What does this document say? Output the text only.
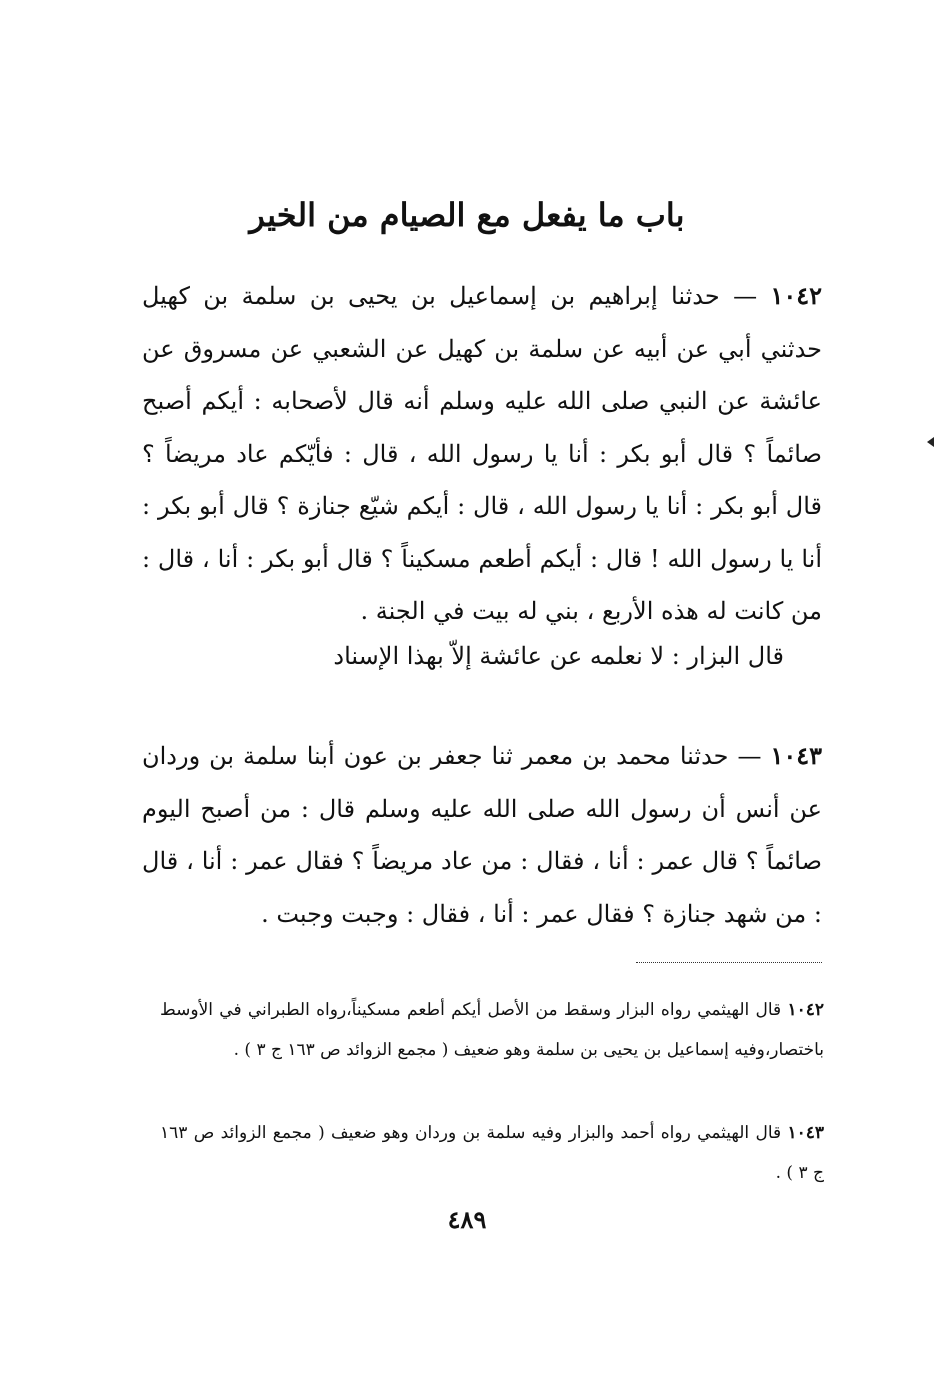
باب ما يفعل مع الصيام من الخير
١٠٤٢ — حدثنا إبراهيم بن إسماعيل بن يحيى بن سلمة بن كهيل حدثني أبي عن أبيه عن سلمة بن كهيل عن الشعبي عن مسروق عن عائشة عن النبي صلى الله عليه وسلم أنه قال لأصحابه : أيكم أصبح صائماً ؟ قال أبو بكر : أنا يا رسول الله ، قال : فأيّكم عاد مريضاً ؟ قال أبو بكر : أنا يا رسول الله ، قال : أيكم شيّع جنازة ؟ قال أبو بكر : أنا يا رسول الله ! قال : أيكم أطعم مسكيناً ؟ قال أبو بكر : أنا ، قال : من كانت له هذه الأربع ، بني له بيت في الجنة .
قال البزار : لا نعلمه عن عائشة إلاّ بهذا الإسناد
١٠٤٣ — حدثنا محمد بن معمر ثنا جعفر بن عون أبنا سلمة بن وردان عن أنس أن رسول الله صلى الله عليه وسلم قال : من أصبح اليوم صائماً ؟ قال عمر : أنا ، فقال : من عاد مريضاً ؟ فقال عمر : أنا ، قال : من شهد جنازة ؟ فقال عمر : أنا ، فقال : وجبت وجبت .
١٠٤٢ قال الهيثمي رواه البزار وسقط من الأصل أيكم أطعم مسكيناً،رواه الطبراني في الأوسط باختصار،وفيه إسماعيل بن يحيى بن سلمة وهو ضعيف ( مجمع الزوائد ص ١٦٣ ج ٣ ) .
١٠٤٣ قال الهيثمي رواه أحمد والبزار وفيه سلمة بن وردان وهو ضعيف ( مجمع الزوائد ص ١٦٣ ج ٣ ) .
٤٨٩
